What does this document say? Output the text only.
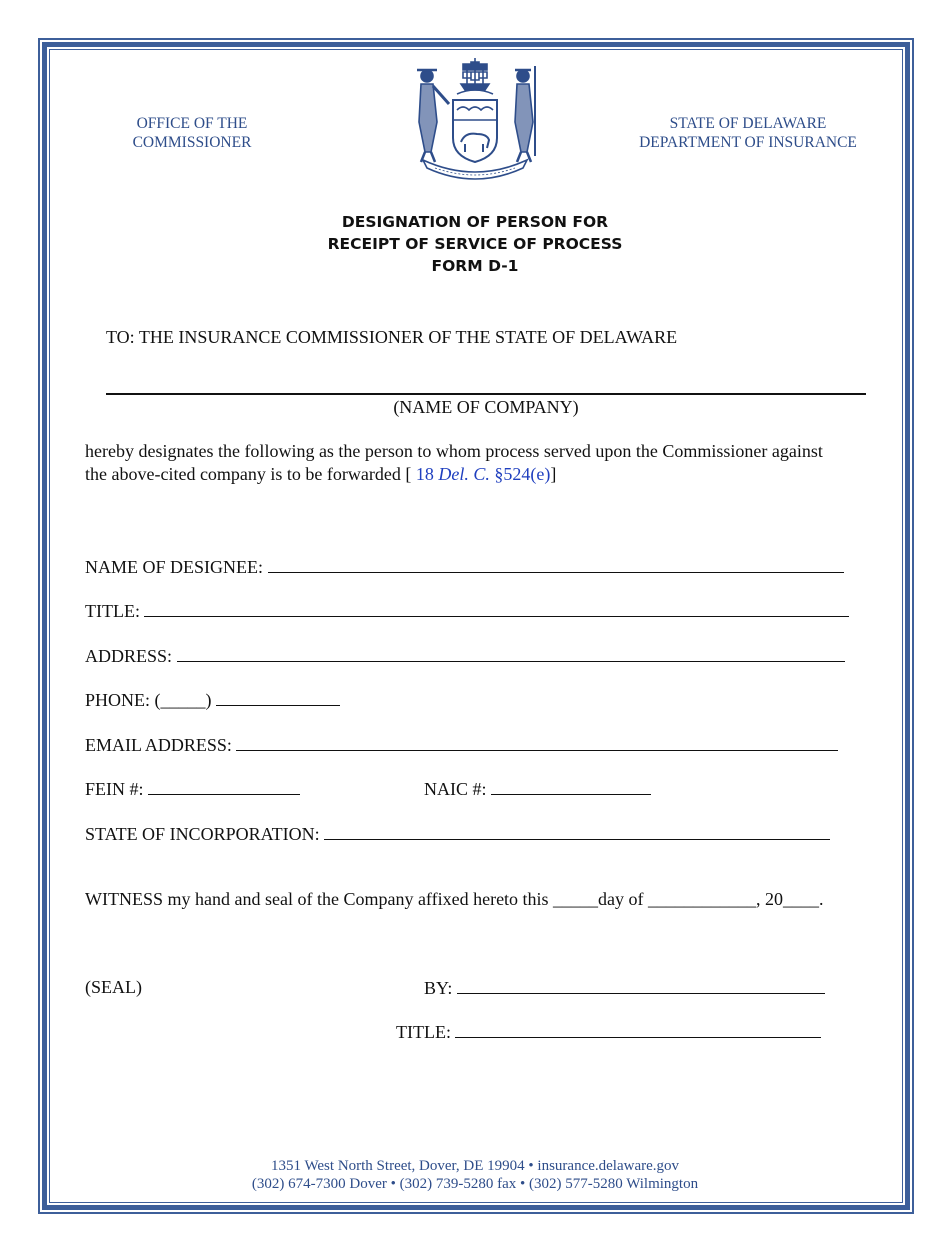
OFFICE OF THE
COMMISSIONER
STATE OF DELAWARE
DEPARTMENT OF INSURANCE
DESIGNATION OF PERSON FOR
RECEIPT OF SERVICE OF PROCESS
FORM D-1
TO: THE INSURANCE COMMISSIONER OF THE STATE OF DELAWARE
(NAME OF COMPANY)
hereby designates the following as the person to whom process served upon the Commissioner against
the above-cited company is to be forwarded [ 18 Del. C. §524(e)]
NAME OF DESIGNEE:
TITLE:
ADDRESS:
PHONE: (_____)
EMAIL ADDRESS:
FEIN #:	NAIC #:
STATE OF INCORPORATION:
WITNESS my hand and seal of the Company affixed hereto this _____day of ____________, 20____.
(SEAL)	BY:
TITLE:
1351 West North Street, Dover, DE 19904 • insurance.delaware.gov
(302) 674-7300 Dover • (302) 739-5280 fax • (302) 577-5280 Wilmington
